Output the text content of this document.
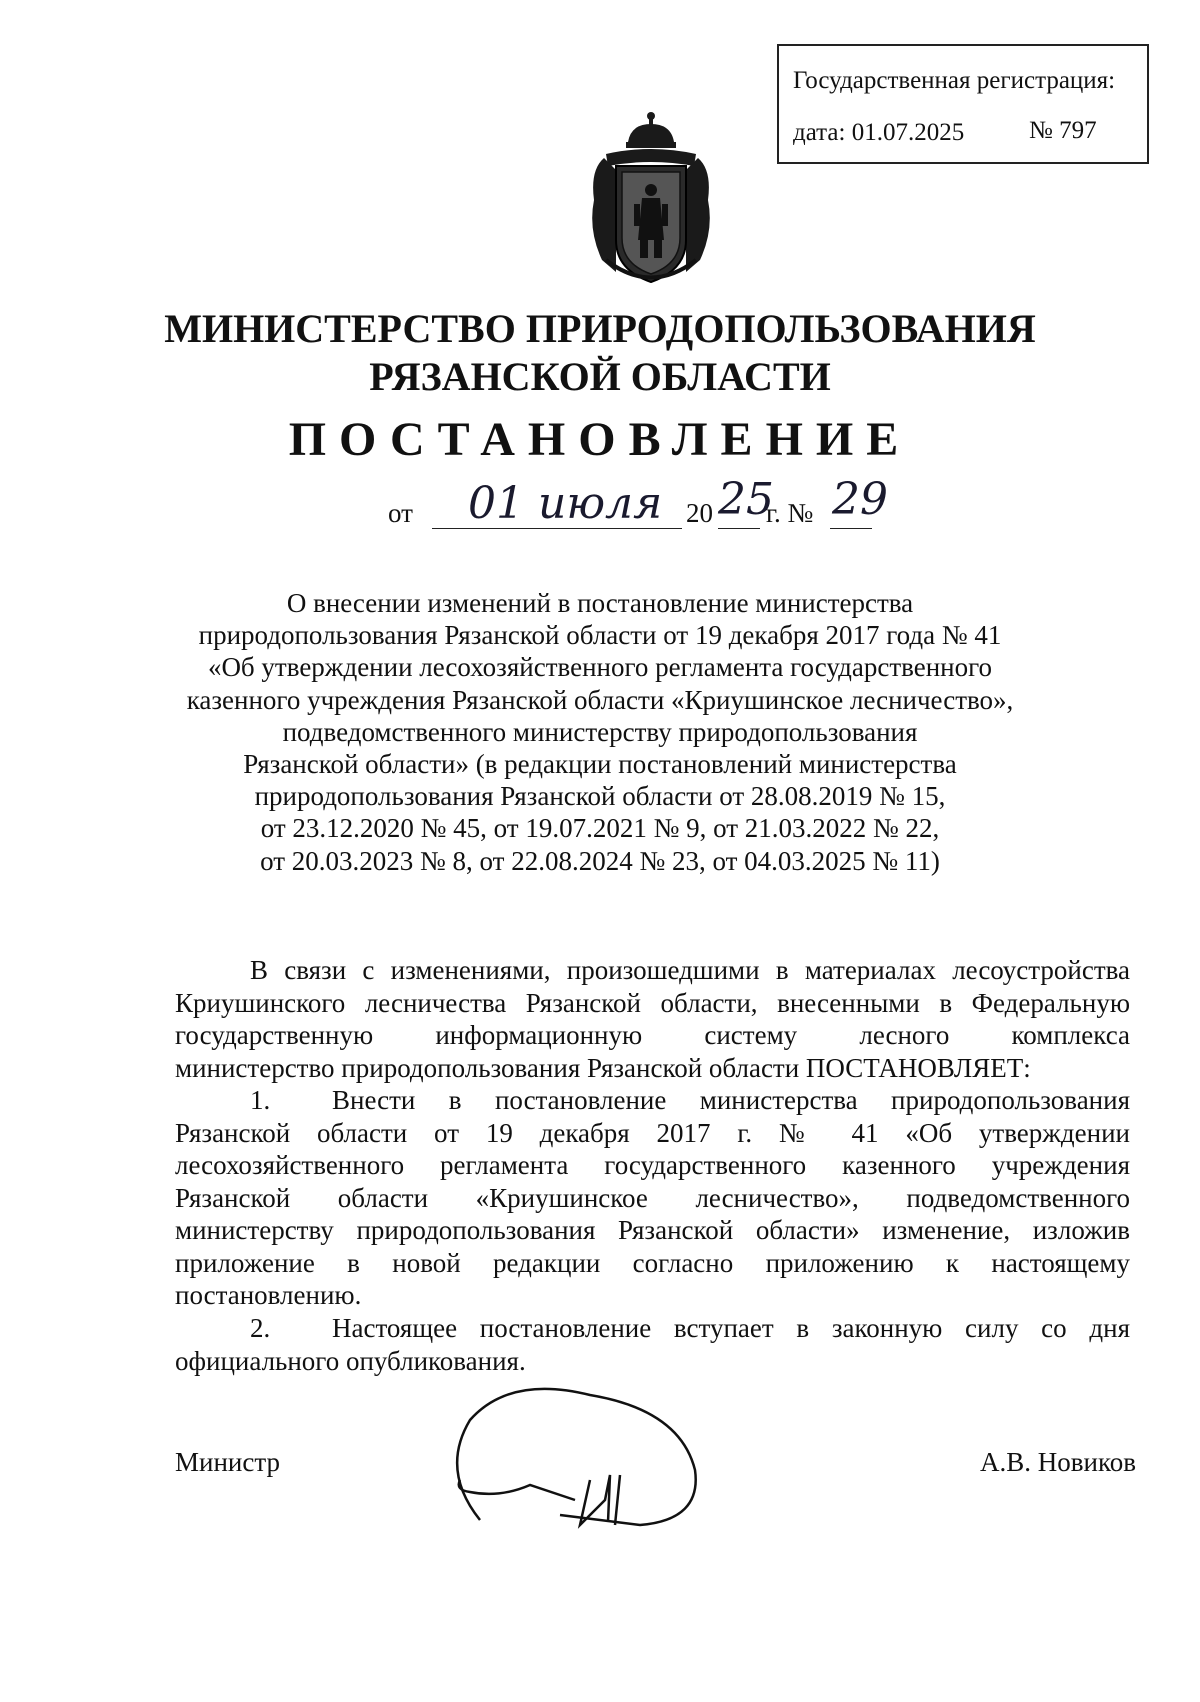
Государственная регистрация:
дата: 01.07.2025	№ 797
МИНИСТЕРСТВО ПРИРОДОПОЛЬЗОВАНИЯ
РЯЗАНСКОЙ ОБЛАСТИ
ПОСТАНОВЛЕНИЕ
от 01 июля 20 25
г. № 29
О внесении изменений в постановление министерства
природопользования Рязанской области от 19 декабря 2017 года № 41
«Об утверждении лесохозяйственного регламента государственного
казенного учреждения Рязанской области «Криушинское лесничество»,
подведомственного министерству природопользования
Рязанской области» (в редакции постановлений министерства
природопользования Рязанской области от 28.08.2019 № 15,
от 23.12.2020 № 45, от 19.07.2021 № 9, от 21.03.2022 № 22,
от 20.03.2023 № 8, от 22.08.2024 № 23, от 04.03.2025 № 11)
В связи с изменениями, произошедшими в материалах лесоустройства
Криушинского лесничества Рязанской области, внесенными в Федеральную
государственную информационную систему лесного комплекса
министерство природопользования Рязанской области ПОСТАНОВЛЯЕТ:
1. Внести в постановление министерства природопользования
Рязанской области от 19 декабря 2017 г. № 41 «Об утверждении
лесохозяйственного регламента государственного казенного учреждения
Рязанской области «Криушинское лесничество», подведомственного
министерству природопользования Рязанской области» изменение, изложив
приложение в новой редакции согласно приложению к настоящему
постановлению.
2. Настоящее постановление вступает в законную силу со дня
официального опубликования.
Министр	А.В. Новиков
